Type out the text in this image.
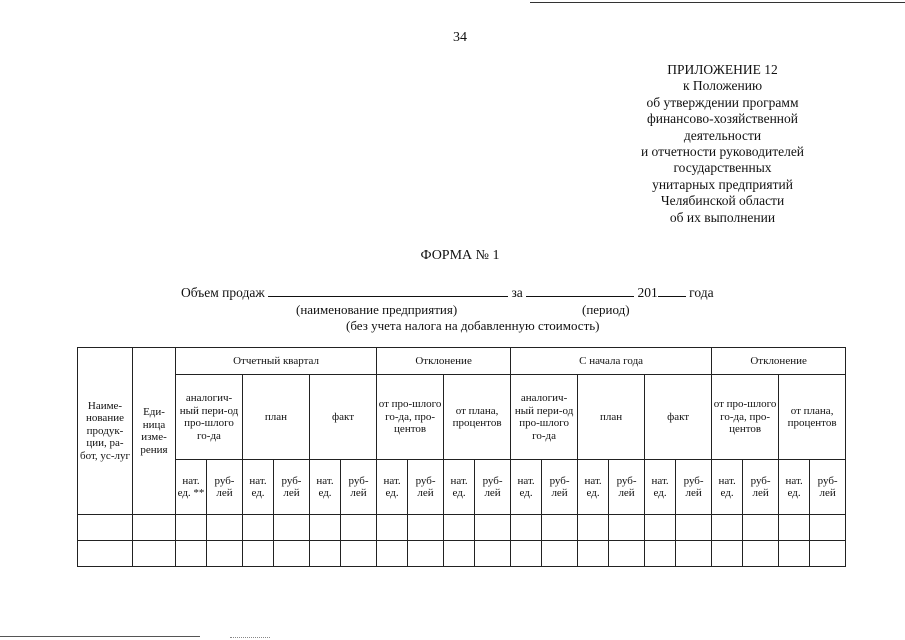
34
ПРИЛОЖЕНИЕ 12
к Положению
об утверждении программ
финансово-хозяйственной
деятельности
и отчетности руководителей
государственных
унитарных предприятий
Челябинской области
об их выполнении
ФОРМА № 1
Объем продаж	за	201 года
(наименование предприятия)	(период)
(без учета налога на добавленную стоимость)
Наиме-нование продук-ции, ра-бот, ус-луг	Еди-ница изме-рения	Отчетный квартал						Отклонение				С начала года						Отклонение			
		аналогич-ный пери-од про-шлого го-да		план		факт		от про-шлого го-да, про-центов		от плана, процентов		аналогич-ный пери-од про-шлого го-да		план		факт		от про-шлого го-да, про-центов		от плана, процентов	
		нат. ед. **	руб-лей	нат. ед.	руб-лей	нат. ед.	руб-лей	нат. ед.	руб-лей	нат. ед.	руб-лей	нат. ед.	руб-лей	нат. ед.	руб-лей	нат. ед.	руб-лей	нат. ед.	руб-лей	нат. ед.	руб-лей
